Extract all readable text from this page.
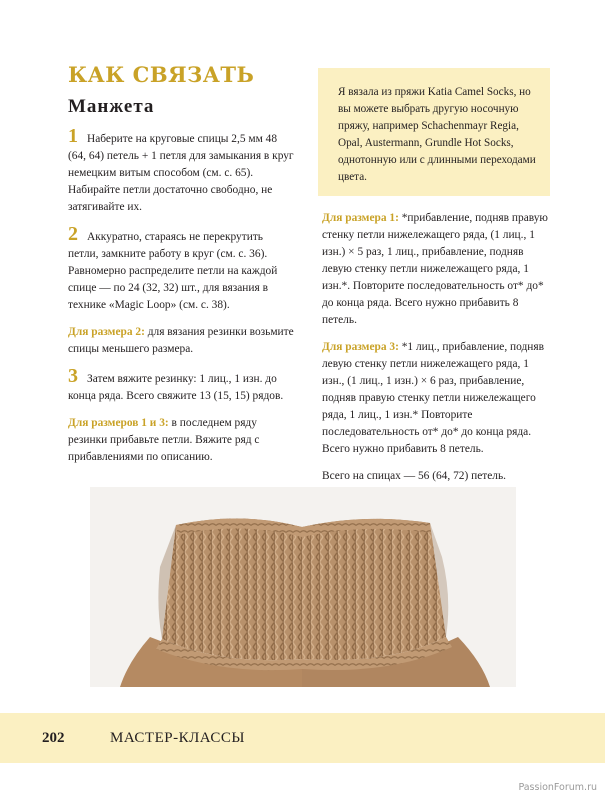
КАК СВЯЗАТЬ
Манжета

1 Наберите на круговые спицы 2,5 мм 48 (64, 64) петель + 1 петля для замыкания в круг немецким витым способом (см. с. 65). Набирайте петли достаточно свободно, не затягивайте их.

2 Аккуратно, стараясь не перекрутить петли, замкните работу в круг (см. с. 36). Равномерно распределите петли на каждой спице — по 24 (32, 32) шт., для вязания в технике «Magic Loop» (см. с. 38).

Для размера 2: для вязания резинки возьмите спицы меньшего размера.

3 Затем вяжите резинку: 1 лиц., 1 изн. до конца ряда. Всего свяжите 13 (15, 15) рядов.

Для размеров 1 и 3: в последнем ряду резинки прибавьте петли. Вяжите ряд с прибавлениями по описанию.

Я вязала из пряжи Katia Camel Socks, но вы можете выбрать другую носочную пряжу, например Schachenmayr Regia, Opal, Austermann, Grundle Hot Socks, однотонную или с длинными переходами цвета.

Для размера 1: *прибавление, подняв правую стенку петли нижележащего ряда, (1 лиц., 1 изн.) × 5 раз, 1 лиц., прибавление, подняв левую стенку петли нижележащего ряда, 1 изн.*. Повторите последовательность от* до* до конца ряда. Всего нужно прибавить 8 петель.

Для размера 3: *1 лиц., прибавление, подняв левую стенку петли нижележащего ряда, 1 изн., (1 лиц., 1 изн.) × 6 раз, прибавление, подняв правую стенку петли нижележащего ряда, 1 лиц., 1 изн.* Повторите последовательность от* до* до конца ряда. Всего нужно прибавить 8 петель.

Всего на спицах — 56 (64, 72) петель.

202	МАСТЕР-КЛАССЫ
PassionForum.ru
